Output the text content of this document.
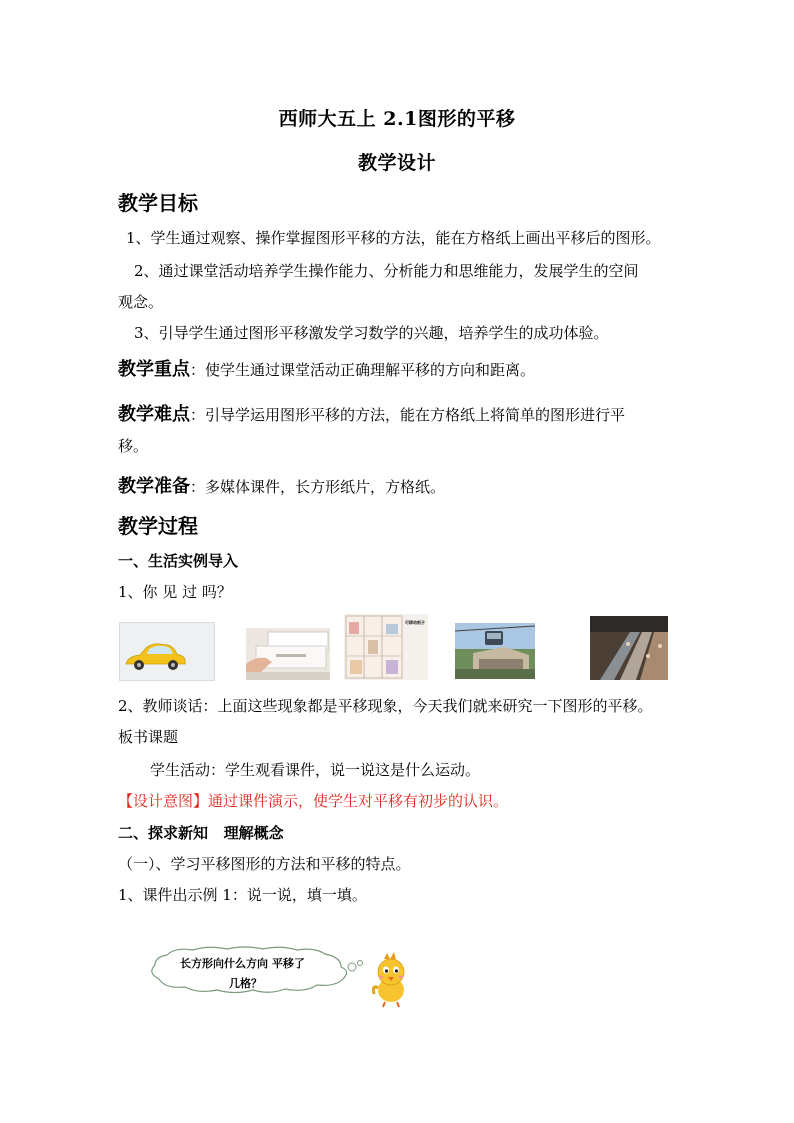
西师大五上 2.1图形的平移
教学设计
教学目标
1、学生通过观察、操作掌握图形平移的方法，能在方格纸上画出平移后的图形。
2、通过课堂活动培养学生操作能力、分析能力和思维能力，发展学生的空间
观念。
3、引导学生通过图形平移激发学习数学的兴趣，培养学生的成功体验。
教学重点：使学生通过课堂活动正确理解平移的方向和距离。
教学难点：引导学运用图形平移的方法，能在方格纸上将简单的图形进行平
移。
教学准备：多媒体课件，长方形纸片，方格纸。
教学过程
一、生活实例导入
1、你 见 过 吗？
可移动柜子
2、教师谈话：上面这些现象都是平移现象，今天我们就来研究一下图形的平移。
板书课题
学生活动：学生观看课件，说一说这是什么运动。
【设计意图】通过课件演示，使学生对平移有初步的认识。
二、探求新知   理解概念
（一）、学习平移图形的方法和平移的特点。
1、课件出示例 1：说一说，填一填。
长方形向什么方向 平移了
几格？
